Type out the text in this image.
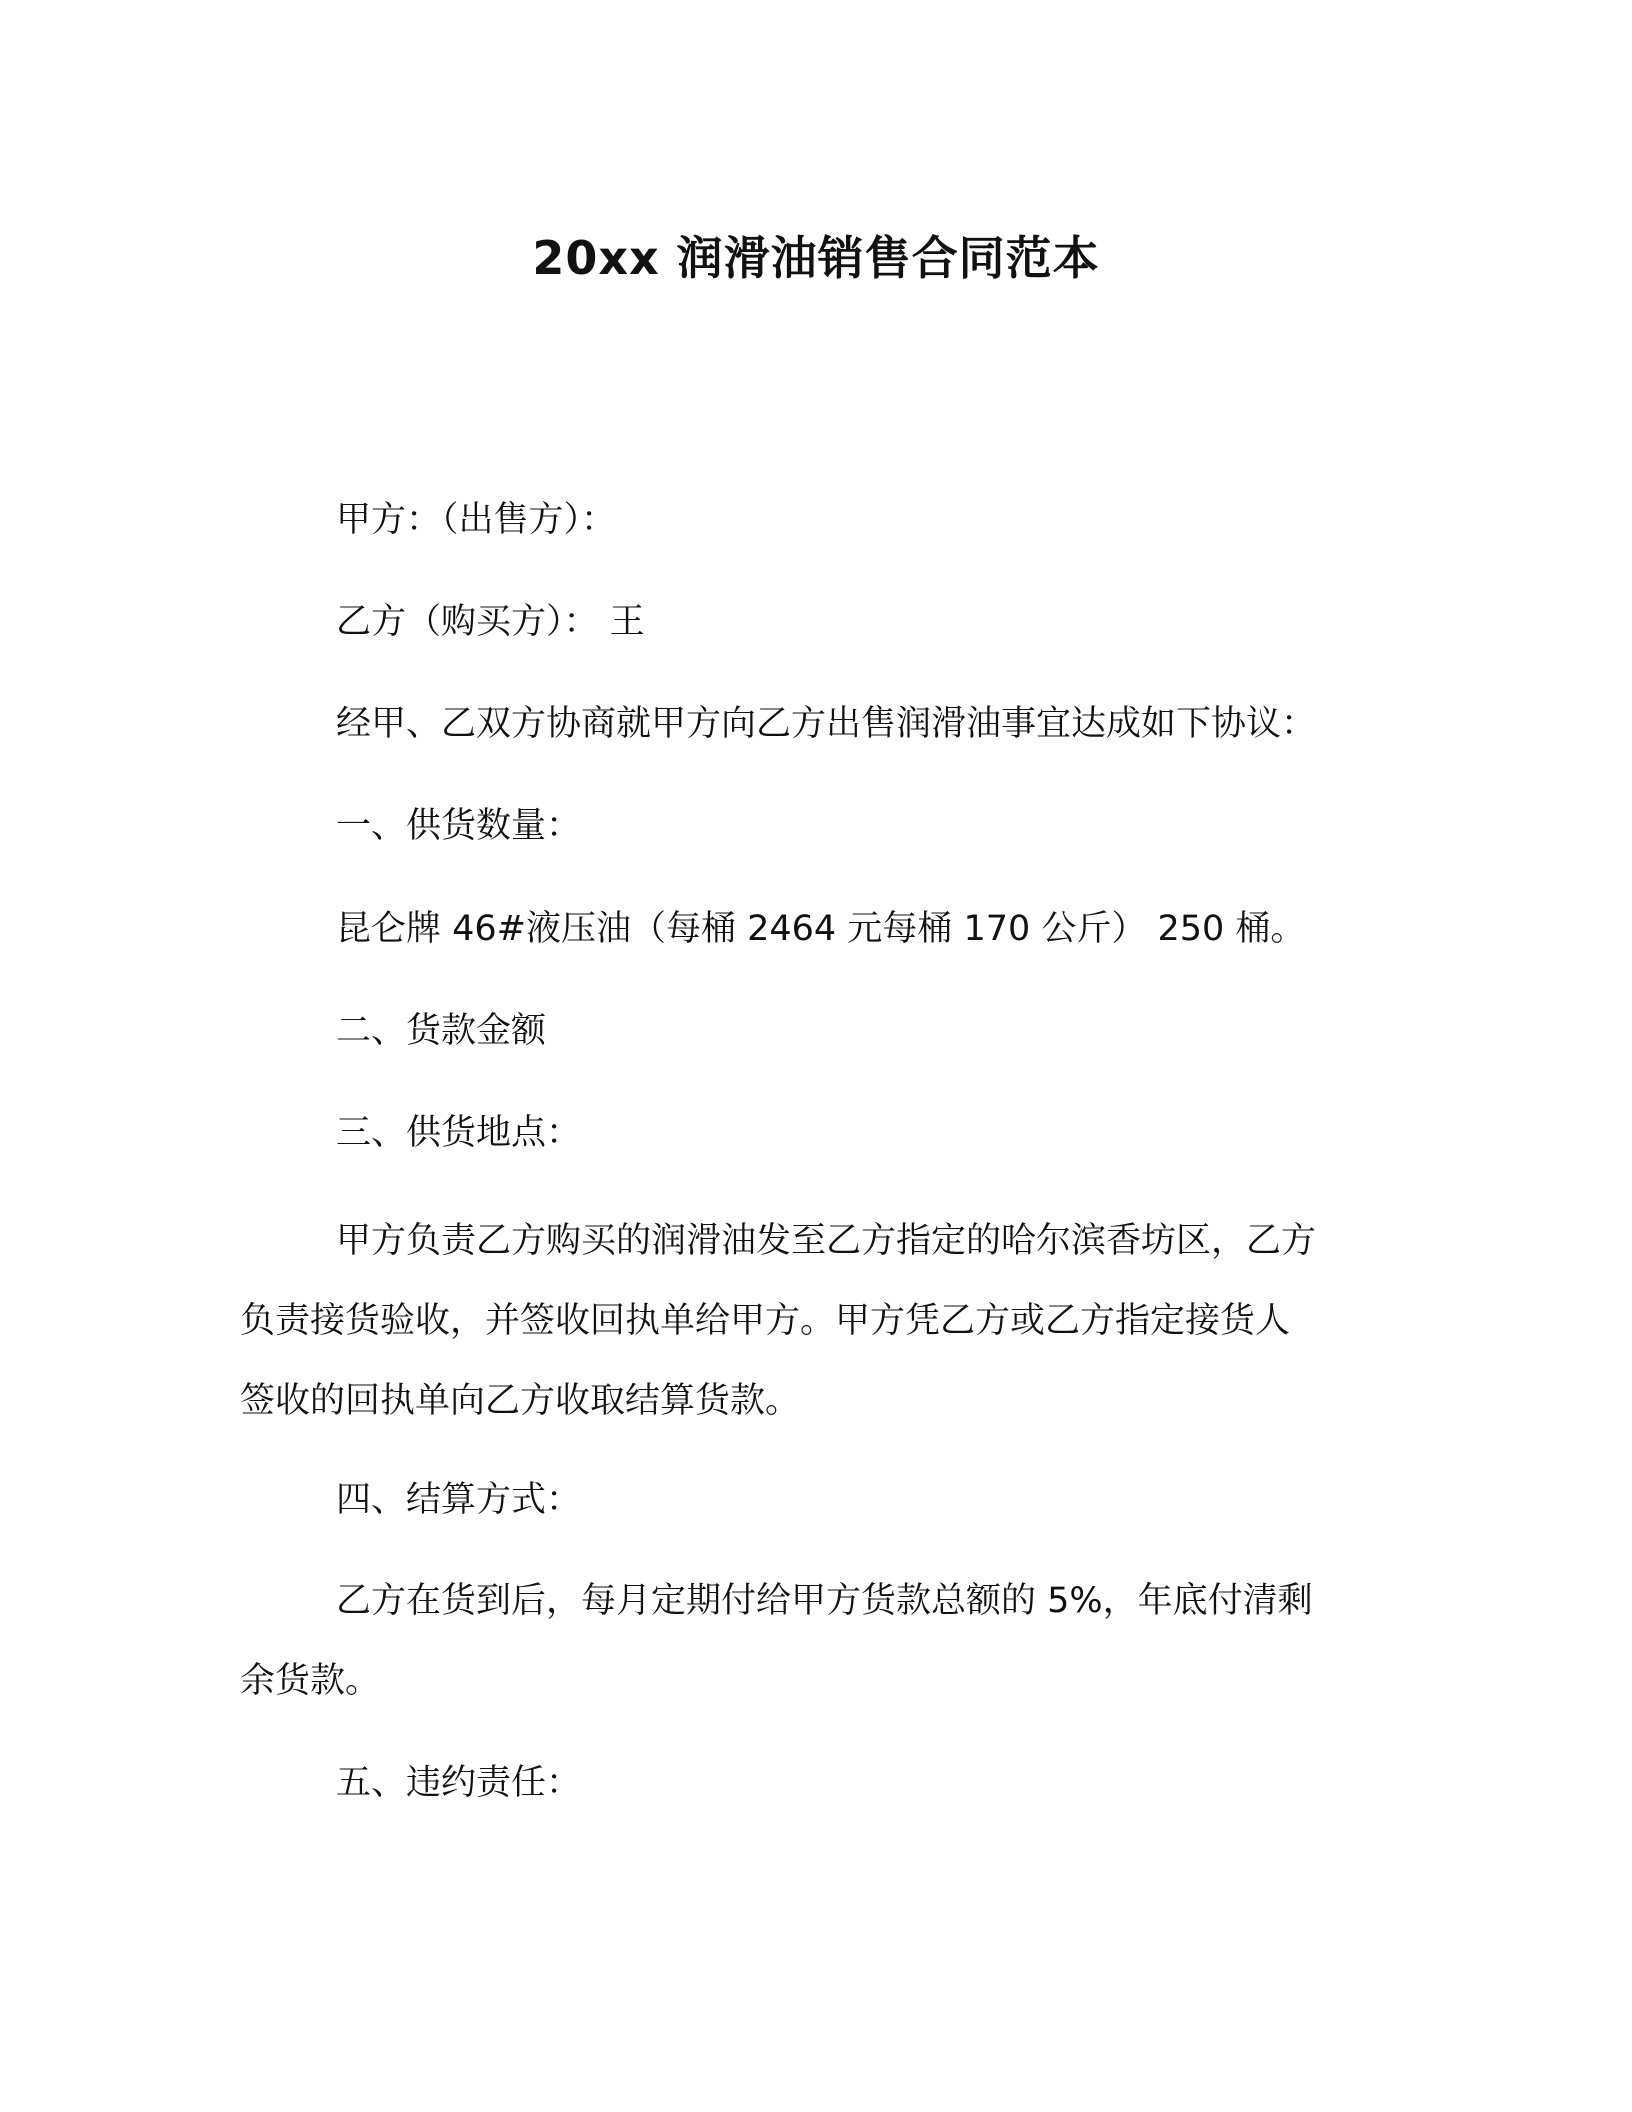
20xx 润滑油销售合同范本
甲方：（出售方）：
乙方（购买方）： 王
经甲、乙双方协商就甲方向乙方出售润滑油事宜达成如下协议：
一、供货数量：
昆仑牌 46#液压油（每桶 2464 元每桶 170 公斤） 250 桶。
二、货款金额
三、供货地点：
甲方负责乙方购买的润滑油发至乙方指定的哈尔滨香坊区，乙方
负责接货验收，并签收回执单给甲方。甲方凭乙方或乙方指定接货人
签收的回执单向乙方收取结算货款。
四、结算方式：
乙方在货到后，每月定期付给甲方货款总额的 5%，年底付清剩
余货款。
五、违约责任：
